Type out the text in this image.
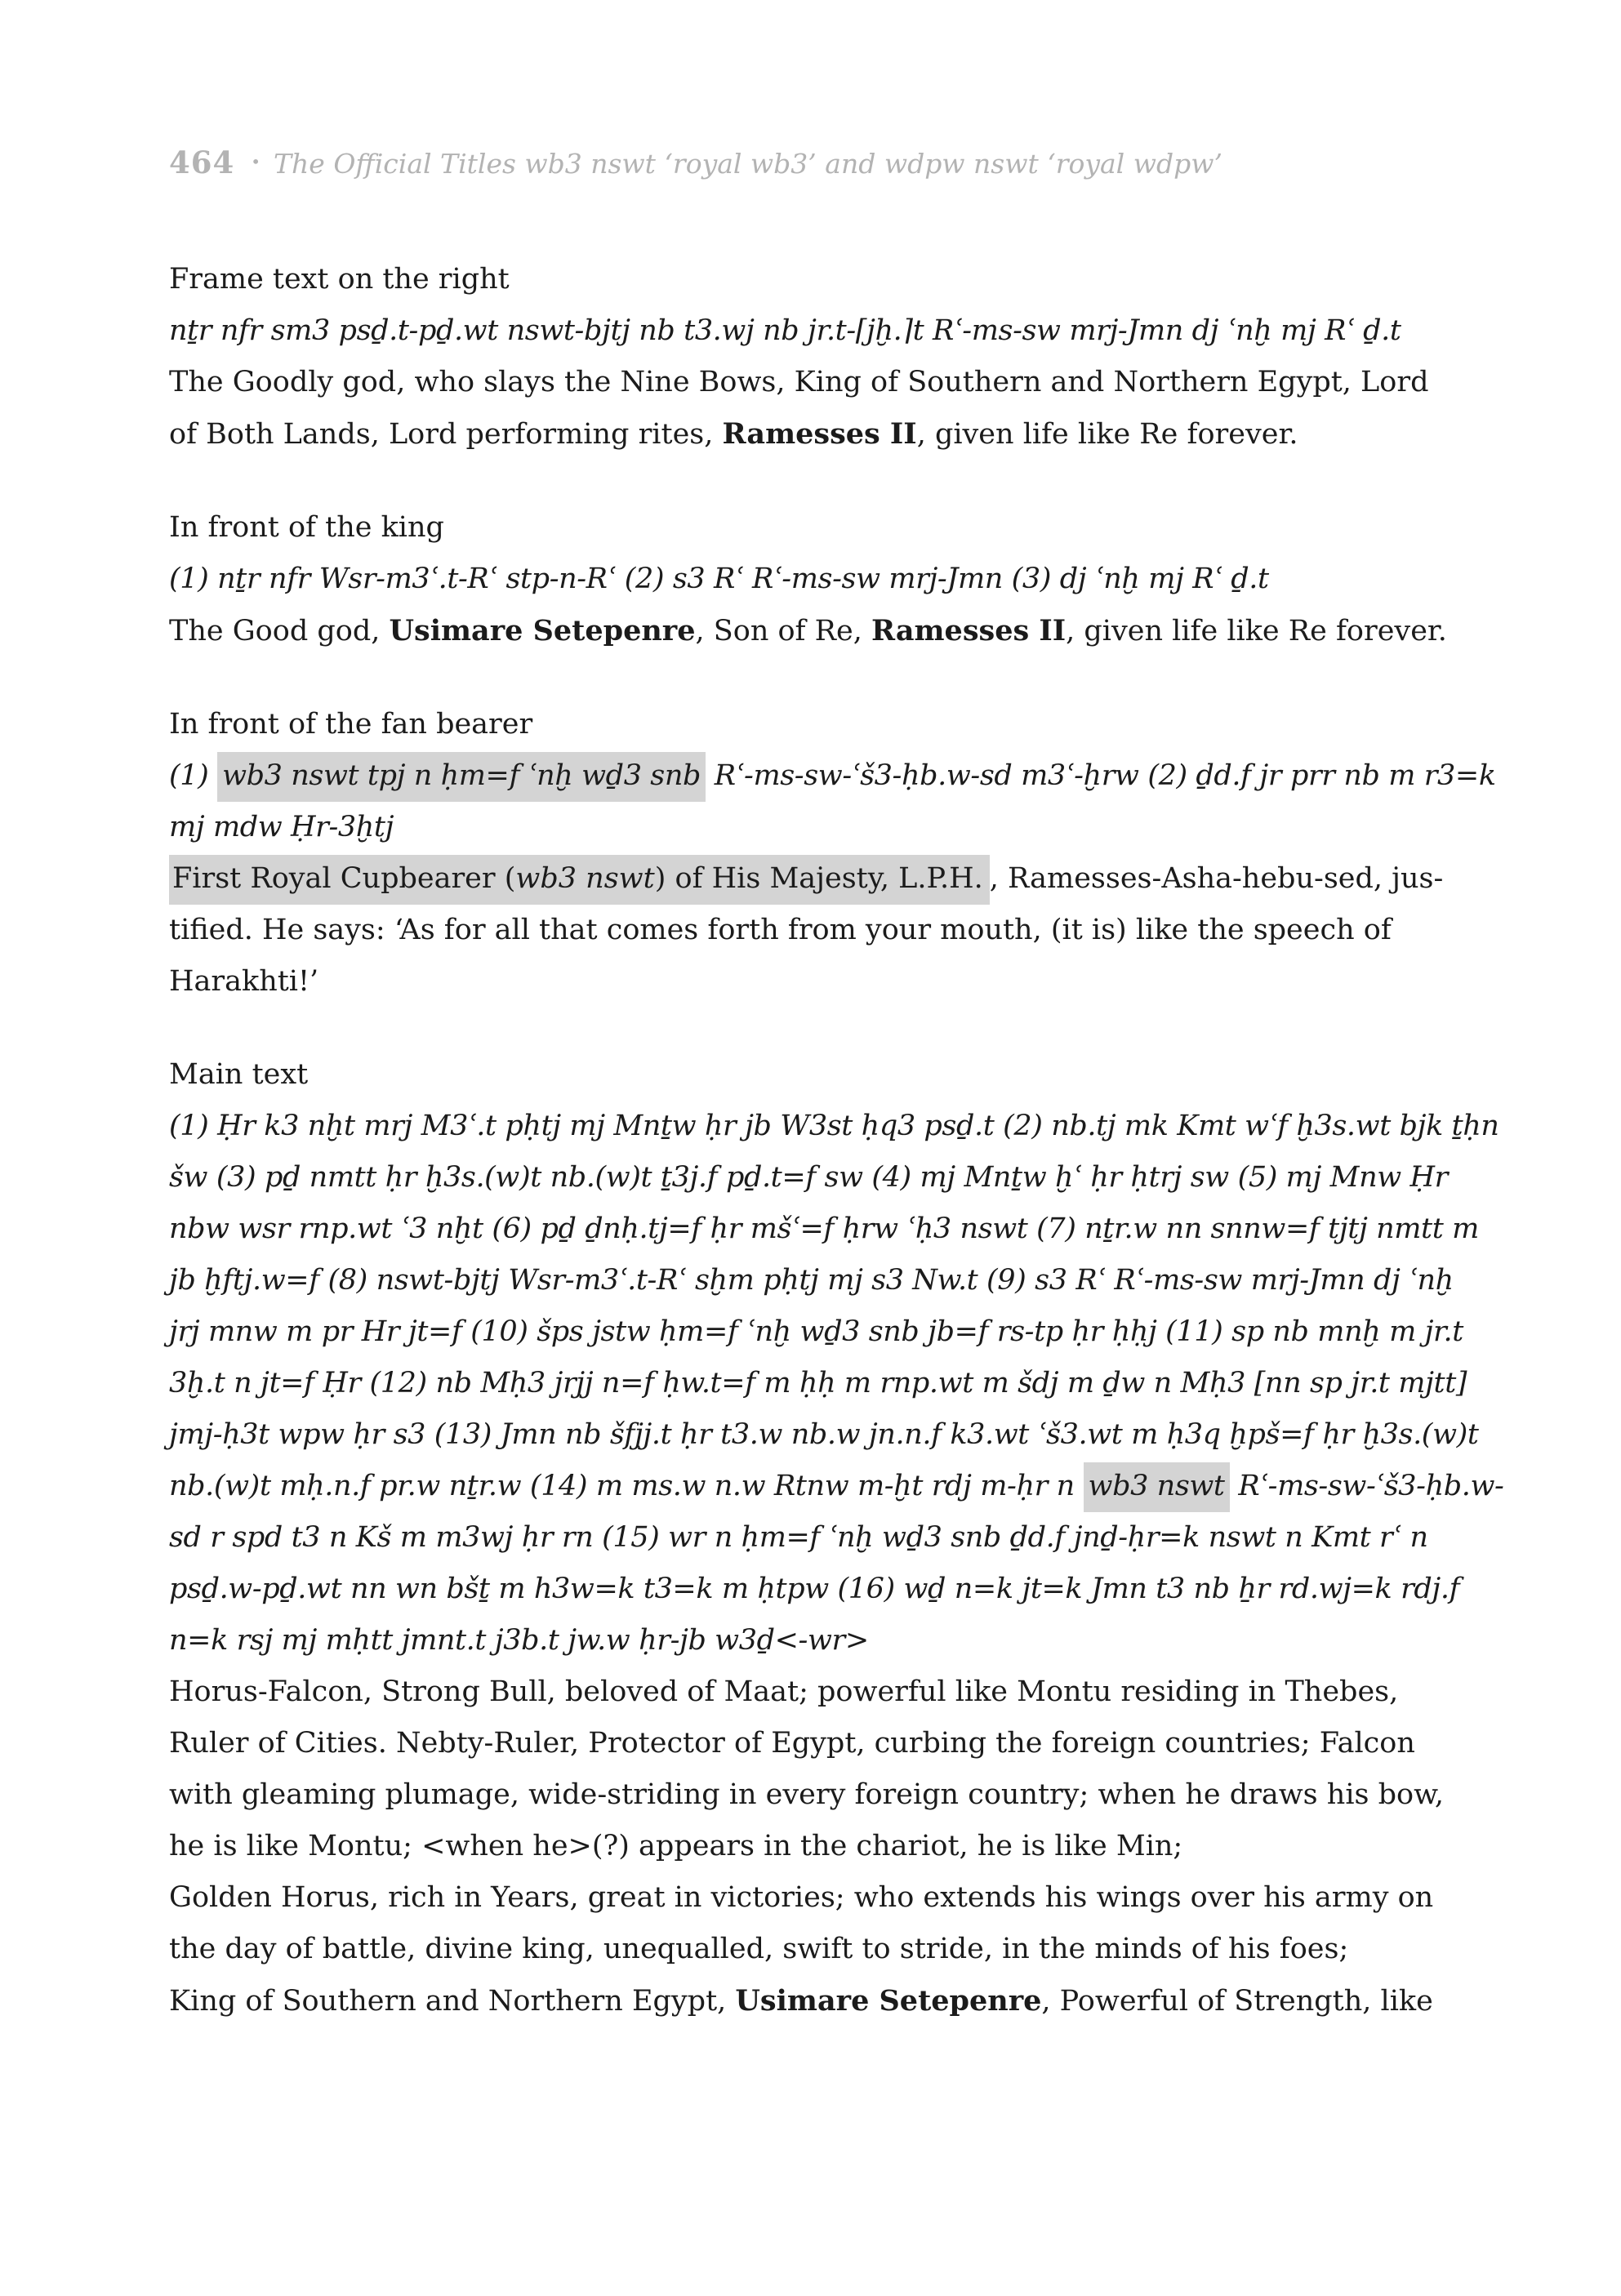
464 • The Official Titles wb3 nswt ‘royal wb3’ and wdpw nswt ‘royal wdpw’
Frame text on the right
nṯr nfr sm3 psḏ.t-pḏ.wt nswt-bjtj nb t3.wj nb jr.t-⌈jḫ.⌉t Rʿ-ms-sw mrj-Jmn dj ʿnḫ mj Rʿ ḏ.t
The Goodly god, who slays the Nine Bows, King of Southern and Northern Egypt, Lord
of Both Lands, Lord performing rites, Ramesses II, given life like Re forever.
In front of the king
(1) nṯr nfr Wsr-m3ʿ.t-Rʿ stp-n-Rʿ (2) s3 Rʿ Rʿ-ms-sw mrj-Jmn (3) dj ʿnḫ mj Rʿ ḏ.t
The Good god, Usimare Setepenre, Son of Re, Ramesses II, given life like Re forever.
In front of the fan bearer
(1) wb3 nswt tpj n ḥm=f ʿnḫ wḏ3 snb Rʿ-ms-sw-ʿš3-ḥb.w-sd m3ʿ-ḫrw (2) ḏd.f jr prr nb m r3=k
mj mdw Ḥr-3ḫtj
First Royal Cupbearer (wb3 nswt) of His Majesty, L.P.H. , Ramesses-Asha-hebu-sed, jus-
tified. He says: ‘As for all that comes forth from your mouth, (it is) like the speech of
Harakhti!’
Main text
(1) Ḥr k3 nḫt mrj M3ʿ.t pḥtj mj Mnṯw ḥr jb W3st ḥq3 psḏ.t (2) nb.tj mk Kmt wʿf ḫ3s.wt bjk ṯḥn
šw (3) pḏ nmtt ḥr ḫ3s.(w)t nb.(w)t ṯ3j.f pḏ.t=f sw (4) mj Mnṯw ḫʿ ḥr ḥtrj sw (5) mj Mnw Ḥr
nbw wsr rnp.wt ʿ3 nḫt (6) pḏ ḏnḥ.tj=f ḥr mšʿ=f ḥrw ʿḥ3 nswt (7) nṯr.w nn snnw=f tjtj nmtt m
jb ḫftj.w=f (8) nswt-bjtj Wsr-m3ʿ.t-Rʿ sḫm pḥtj mj s3 Nw.t (9) s3 Rʿ Rʿ-ms-sw mrj-Jmn dj ʿnḫ
jrj mnw m pr Hr jt=f (10) šps jstw ḥm=f ʿnḫ wḏ3 snb jb=f rs-tp ḥr ḥḥj (11) sp nb mnḫ m jr.t
3ḫ.t n jt=f Ḥr (12) nb Mḥ3 jrjj n=f ḥw.t=f m ḥḥ m rnp.wt m šdj m ḏw n Mḥ3 [nn sp jr.t mjtt]
jmj-ḥ3t wpw ḥr s3 (13) Jmn nb šfjj.t ḥr t3.w nb.w jn.n.f k3.wt ʿš3.wt m ḥ3q ḫpš=f ḥr ḫ3s.(w)t
nb.(w)t mḥ.n.f pr.w nṯr.w (14) m ms.w n.w Rtnw m-ḫt rdj m-ḥr n wb3 nswt Rʿ-ms-sw-ʿš3-ḥb.w-
sd r spd t3 n Kš m m3wj ḥr rn (15) wr n ḥm=f ʿnḫ wḏ3 snb ḏd.f jnḏ-ḥr=k nswt n Kmt rʿ n
psḏ.w-pḏ.wt nn wn bšṯ m h3w=k t3=k m ḥtpw (16) wḏ n=k jt=k Jmn t3 nb ẖr rd.wj=k rdj.f
n=k rsj mj mḥtt jmnt.t j3b.t jw.w ḥr-jb w3ḏ<-wr>
Horus-Falcon, Strong Bull, beloved of Maat; powerful like Montu residing in Thebes,
Ruler of Cities. Nebty-Ruler, Protector of Egypt, curbing the foreign countries; Falcon
with gleaming plumage, wide-striding in every foreign country; when he draws his bow,
he is like Montu; <when he>(?) appears in the chariot, he is like Min;
Golden Horus, rich in Years, great in victories; who extends his wings over his army on
the day of battle, divine king, unequalled, swift to stride, in the minds of his foes;
King of Southern and Northern Egypt, Usimare Setepenre, Powerful of Strength, like
